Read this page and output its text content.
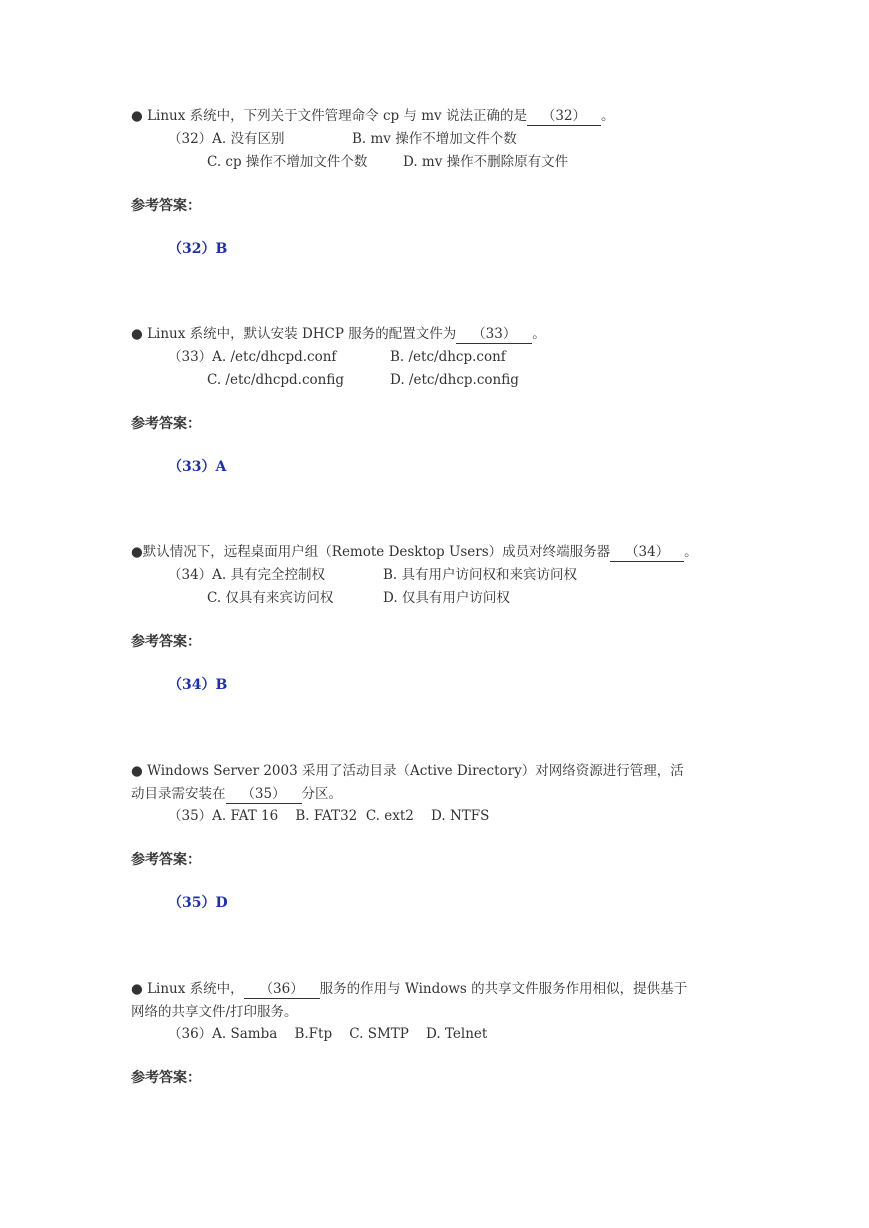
● Linux 系统中，下列关于文件管理命令 cp 与 mv 说法正确的是 （32） 。
（32）A. 没有区别	B. mv 操作不增加文件个数
C. cp 操作不增加文件个数	D. mv 操作不删除原有文件
参考答案：
（32）B
● Linux 系统中，默认安装 DHCP 服务的配置文件为 （33） 。
（33）A. /etc/dhcpd.conf	B. /etc/dhcp.conf
C. /etc/dhcpd.config	D. /etc/dhcp.config
参考答案：
（33）A
●默认情况下，远程桌面用户组（Remote Desktop Users）成员对终端服务器 （34） 。
（34）A. 具有完全控制权	B. 具有用户访问权和来宾访问权
C. 仅具有来宾访问权	D. 仅具有用户访问权
参考答案：
（34）B
● Windows Server 2003 采用了活动目录（Active Directory）对网络资源进行管理，活
动目录需安装在 （35） 分区。
（35）A. FAT 16    B. FAT32  C. ext2    D. NTFS
参考答案：
（35）D
● Linux 系统中， （36） 服务的作用与 Windows 的共享文件服务作用相似，提供基于
网络的共享文件/打印服务。
（36）A. Samba    B.Ftp    C. SMTP    D. Telnet
参考答案：
